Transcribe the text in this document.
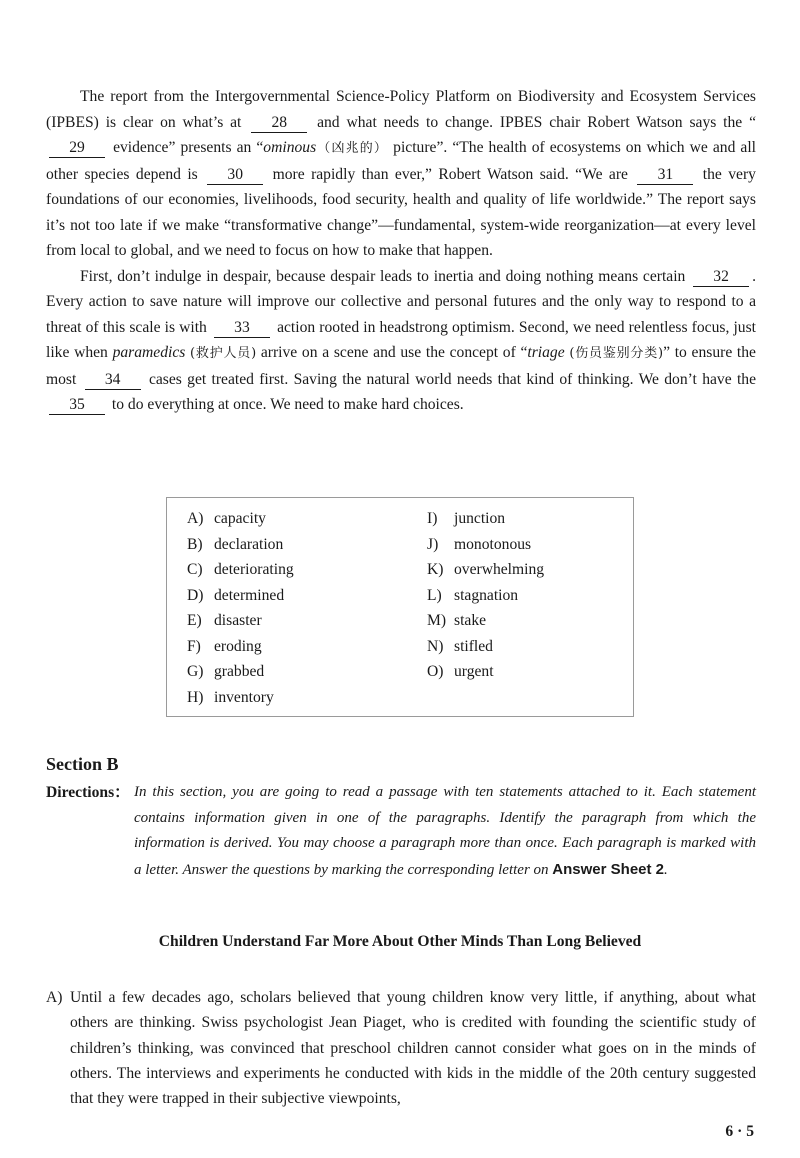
The report from the Intergovernmental Science-Policy Platform on Biodiversity and Ecosystem Services (IPBES) is clear on what’s at 28 and what needs to change. IPBES chair Robert Watson says the “29 evidence” presents an “ominous（凶兆的） picture”. “The health of ecosystems on which we and all other species depend is 30 more rapidly than ever,” Robert Watson said. “We are 31 the very foundations of our economies, livelihoods, food security, health and quality of life worldwide.” The report says it’s not too late if we make “transformative change”—fundamental, system-wide reorganization—at every level from local to global, and we need to focus on how to make that happen.

First, don’t indulge in despair, because despair leads to inertia and doing nothing means certain 32 . Every action to save nature will improve our collective and personal futures and the only way to respond to a threat of this scale is with 33 action rooted in headstrong optimism. Second, we need relentless focus, just like when paramedics (救护人员) arrive on a scene and use the concept of “triage (伤员鉴别分类)” to ensure the most 34 cases get treated first. Saving the natural world needs that kind of thinking. We don’t have the 35 to do everything at once. We need to make hard choices.

A) capacity
B) declaration
C) deteriorating
D) determined
E) disaster
F) eroding
G) grabbed
H) inventory
I) junction
J) monotonous
K) overwhelming
L) stagnation
M) stake
N) stifled
O) urgent
Section B
Directions： In this section, you are going to read a passage with ten statements attached to it. Each statement contains information given in one of the paragraphs. Identify the paragraph from which the information is derived. You may choose a paragraph more than once. Each paragraph is marked with a letter. Answer the questions by marking the corresponding letter on Answer Sheet 2.
Children Understand Far More About Other Minds Than Long Believed
A) Until a few decades ago, scholars believed that young children know very little, if anything, about what others are thinking. Swiss psychologist Jean Piaget, who is credited with founding the scientific study of children’s thinking, was convinced that preschool children cannot consider what goes on in the minds of others. The interviews and experiments he conducted with kids in the middle of the 20th century suggested that they were trapped in their subjective viewpoints,
6 · 5
